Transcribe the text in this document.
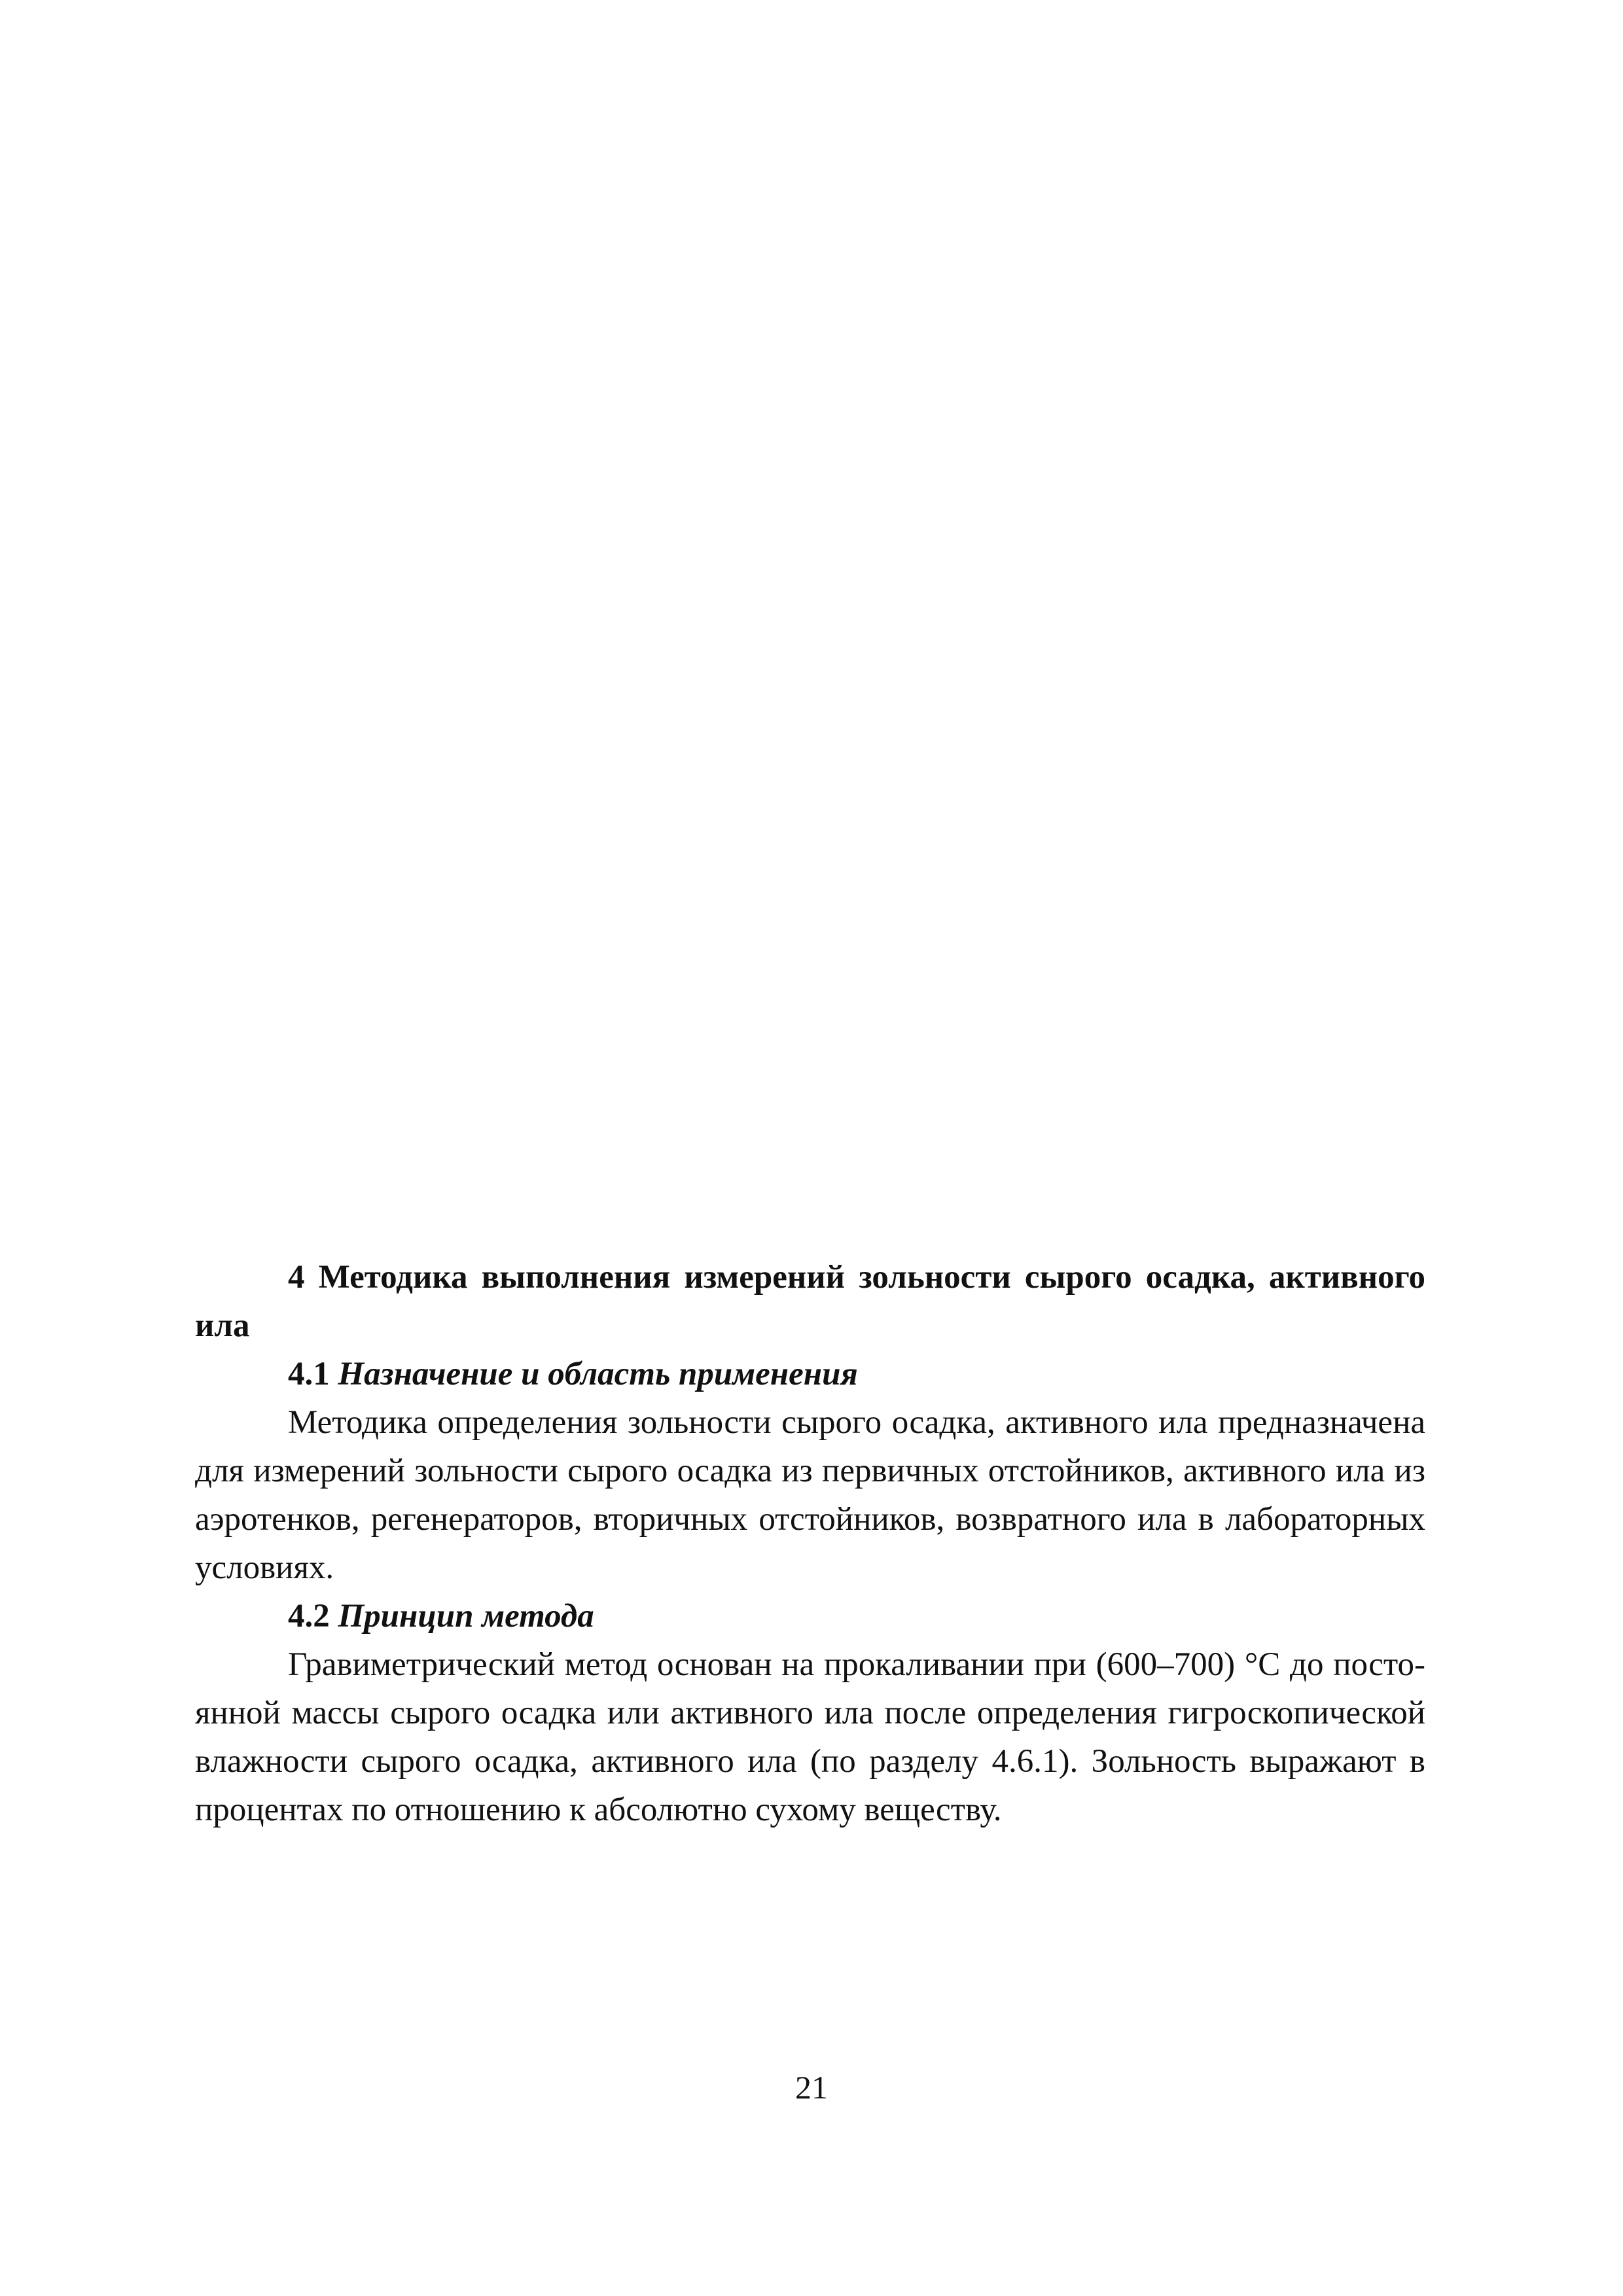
4 Методика выполнения измерений зольности сырого осадка, активного ила

4.1 Назначение и область применения

Методика определения зольности сырого осадка, активного ила предназначена для измерений зольности сырого осадка из первичных отстойников, активного ила из аэротенков, регенераторов, вторичных отстойников, возвратного ила в лабораторных условиях.

4.2 Принцип метода

Гравиметрический метод основан на прокаливании при (600–700) °С до постоянной массы сырого осадка или активного ила после определения гигроскопической влажности сырого осадка, активного ила (по разделу 4.6.1). Зольность выражают в процентах по отношению к абсолютно сухому веществу.

21
